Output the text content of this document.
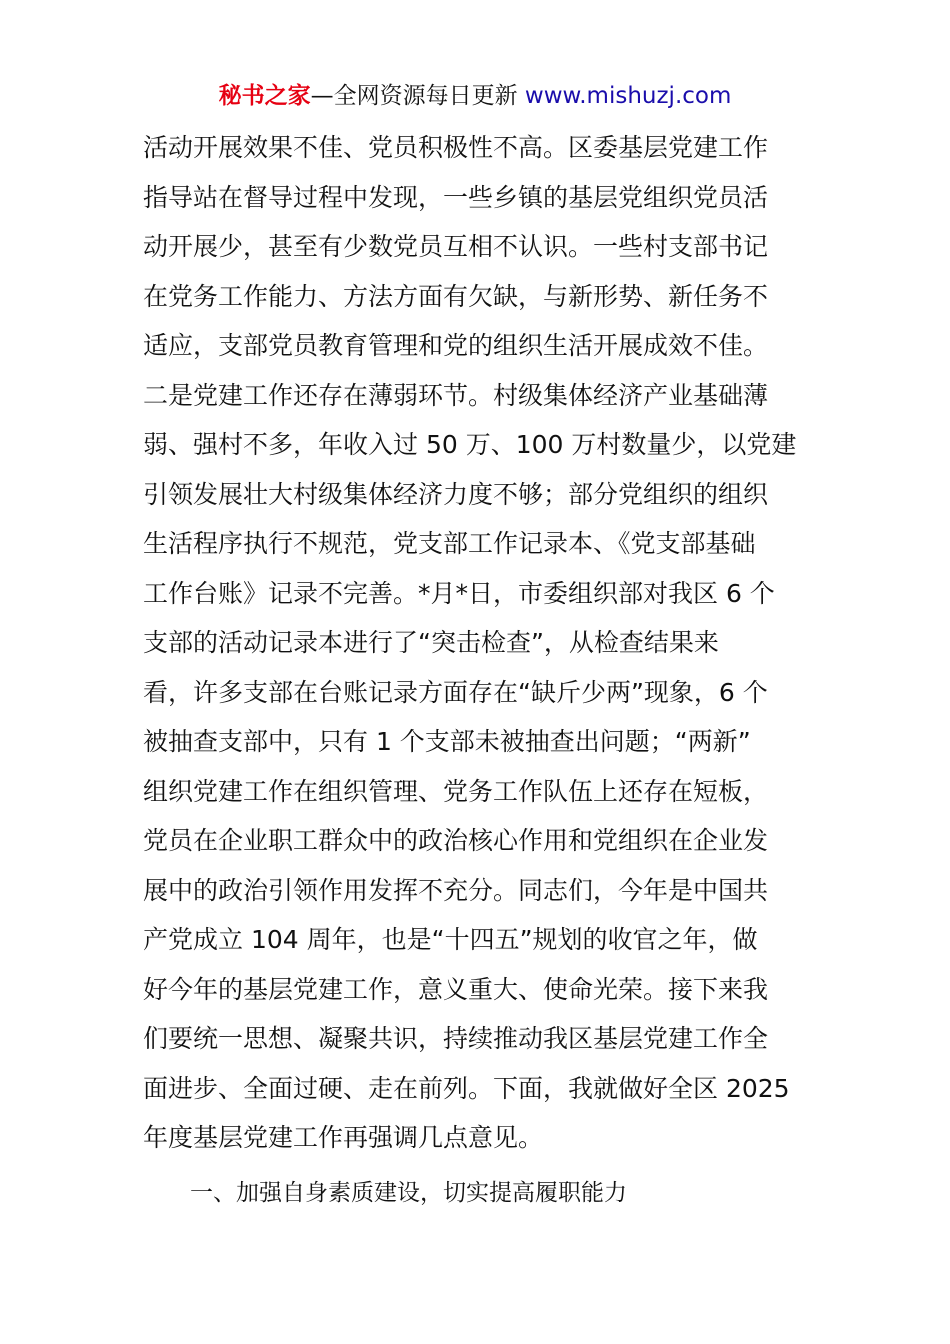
秘书之家—全网资源每日更新 www.mishuzj.com
活动开展效果不佳、党员积极性不高。区委基层党建工作
指导站在督导过程中发现，一些乡镇的基层党组织党员活
动开展少，甚至有少数党员互相不认识。一些村支部书记
在党务工作能力、方法方面有欠缺，与新形势、新任务不
适应，支部党员教育管理和党的组织生活开展成效不佳。
二是党建工作还存在薄弱环节。村级集体经济产业基础薄
弱、强村不多，年收入过 50 万、100 万村数量少，以党建
引领发展壮大村级集体经济力度不够；部分党组织的组织
生活程序执行不规范，党支部工作记录本、《党支部基础
工作台账》记录不完善。*月*日，市委组织部对我区 6 个
支部的活动记录本进行了“突击检查”，从检查结果来
看，许多支部在台账记录方面存在“缺斤少两”现象，6 个
被抽查支部中，只有 1 个支部未被抽查出问题；“两新”
组织党建工作在组织管理、党务工作队伍上还存在短板，
党员在企业职工群众中的政治核心作用和党组织在企业发
展中的政治引领作用发挥不充分。同志们，今年是中国共
产党成立 104 周年，也是“十四五”规划的收官之年，做
好今年的基层党建工作，意义重大、使命光荣。接下来我
们要统一思想、凝聚共识，持续推动我区基层党建工作全
面进步、全面过硬、走在前列。下面，我就做好全区 2025
年度基层党建工作再强调几点意见。
一、加强自身素质建设，切实提高履职能力
